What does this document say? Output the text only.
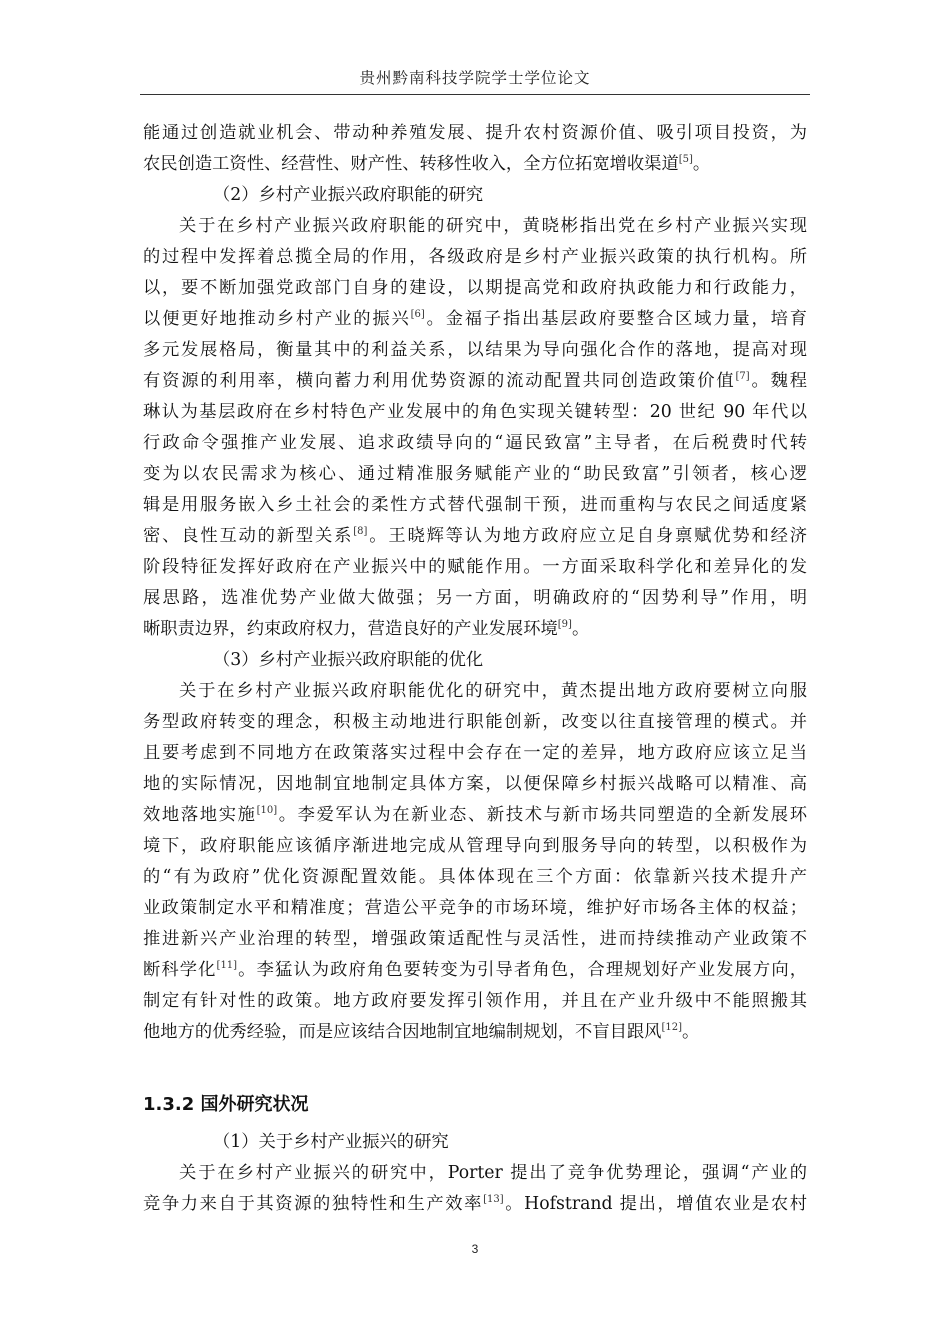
贵州黔南科技学院学士学位论文
能通过创造就业机会、带动种养殖发展、提升农村资源价值、吸引项目投资，为
农民创造工资性、经营性、财产性、转移性收入，全方位拓宽增收渠道[5]。
（2）乡村产业振兴政府职能的研究
关于在乡村产业振兴政府职能的研究中，黄晓彬指出党在乡村产业振兴实现
的过程中发挥着总揽全局的作用，各级政府是乡村产业振兴政策的执行机构。所
以，要不断加强党政部门自身的建设，以期提高党和政府执政能力和行政能力，
以便更好地推动乡村产业的振兴[6]。金福子指出基层政府要整合区域力量，培育
多元发展格局，衡量其中的利益关系，以结果为导向强化合作的落地，提高对现
有资源的利用率，横向蓄力利用优势资源的流动配置共同创造政策价值[7]。魏程
琳认为基层政府在乡村特色产业发展中的角色实现关键转型：20 世纪 90 年代以
行政命令强推产业发展、追求政绩导向的“逼民致富”主导者，在后税费时代转
变为以农民需求为核心、通过精准服务赋能产业的“助民致富”引领者，核心逻
辑是用服务嵌入乡土社会的柔性方式替代强制干预，进而重构与农民之间适度紧
密、良性互动的新型关系[8]。王晓辉等认为地方政府应立足自身禀赋优势和经济
阶段特征发挥好政府在产业振兴中的赋能作用。一方面采取科学化和差异化的发
展思路，选准优势产业做大做强；另一方面，明确政府的“因势利导”作用，明
晰职责边界，约束政府权力，营造良好的产业发展环境[9]。
（3）乡村产业振兴政府职能的优化
关于在乡村产业振兴政府职能优化的研究中，黄杰提出地方政府要树立向服
务型政府转变的理念，积极主动地进行职能创新，改变以往直接管理的模式。并
且要考虑到不同地方在政策落实过程中会存在一定的差异，地方政府应该立足当
地的实际情况，因地制宜地制定具体方案，以便保障乡村振兴战略可以精准、高
效地落地实施[10]。李爱军认为在新业态、新技术与新市场共同塑造的全新发展环
境下，政府职能应该循序渐进地完成从管理导向到服务导向的转型，以积极作为
的“有为政府”优化资源配置效能。具体体现在三个方面：依靠新兴技术提升产
业政策制定水平和精准度；营造公平竞争的市场环境，维护好市场各主体的权益；
推进新兴产业治理的转型，增强政策适配性与灵活性，进而持续推动产业政策不
断科学化[11]。李猛认为政府角色要转变为引导者角色，合理规划好产业发展方向，
制定有针对性的政策。地方政府要发挥引领作用，并且在产业升级中不能照搬其
他地方的优秀经验，而是应该结合因地制宜地编制规划，不盲目跟风[12]。
1.3.2 国外研究状况
（1）关于乡村产业振兴的研究
关于在乡村产业振兴的研究中，Porter 提出了竞争优势理论，强调“产业的
竞争力来自于其资源的独特性和生产效率[13]。Hofstrand 提出，增值农业是农村
3
